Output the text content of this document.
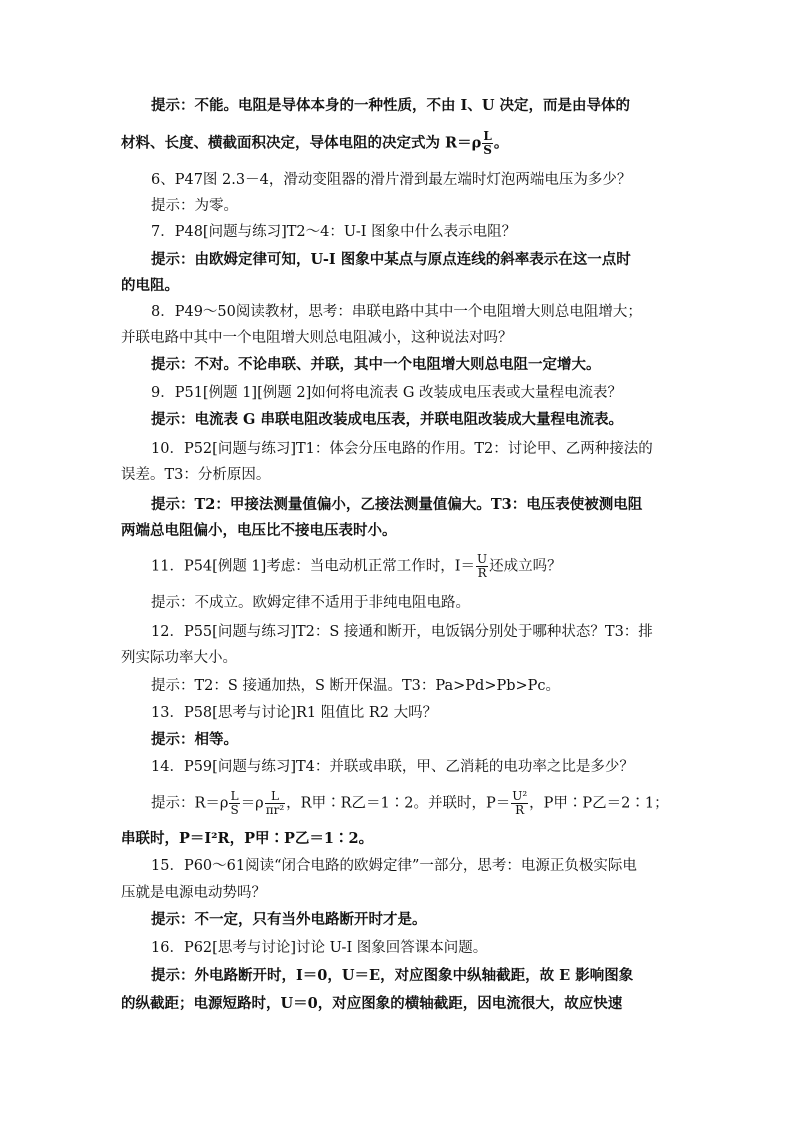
提示：不能。电阻是导体本身的一种性质，不由 I、U 决定，而是由导体的
材料、长度、横截面积决定，导体电阻的决定式为 $R=\rho \frac{L}{S}$ 。
6、P47图 2.3－4，滑动变阻器的滑片滑到最左端时灯泡两端电压为多少？
提示：为零。
7．P48[问题与练习]T2～4：U-I 图象中什么表示电阻？
提示：由欧姆定律可知，U-I 图象中某点与原点连线的斜率表示在这一点时
的电阻。
8．P49～50阅读教材，思考：串联电路中其中一个电阻增大则总电阻增大；
并联电路中其中一个电阻增大则总电阻减小，这种说法对吗？
提示：不对。不论串联、并联，其中一个电阻增大则总电阻一定增大。
9．P51[例题 1][例题 2]如何将电流表 G 改装成电压表或大量程电流表？
提示：电流表 G 串联电阻改装成电压表，并联电阻改装成大量程电流表。
10．P52[问题与练习]T1：体会分压电路的作用。T2：讨论甲、乙两种接法的
误差。T3：分析原因。
提示：T2：甲接法测量值偏小，乙接法测量值偏大。T3：电压表使被测电阻
两端总电阻偏小，电压比不接电压表时小。
11．P54[例题 1]考虑：当电动机正常工作时，$I= \frac{U}{R}$ 还成立吗？
提示：不成立。欧姆定律不适用于非纯电阻电路。
12．P55[问题与练习]T2：S 接通和断开，电饭锅分别处于哪种状态？T3：排
列实际功率大小。
提示：T2：S 接通加热，S 断开保温。T3：Pa>Pd>Pb>Pc。
13．P58[思考与讨论]R1 阻值比 R2 大吗？
提示：相等。
14．P59[问题与练习]T4：并联或串联，甲、乙消耗的电功率之比是多少？
提示：$R=\rho \frac{L}{S} =\rho \frac{L}{\text{πr²}}$ ，R甲∶R乙＝1∶2。并联时，$P= \frac{\text{U²}}{R}$ ，P甲∶P乙＝2∶1；
串联时，P＝I²R，P甲∶P乙＝1∶2。
15．P60～61阅读“闭合电路的欧姆定律”一部分，思考：电源正负极实际电
压就是电源电动势吗？
提示：不一定，只有当外电路断开时才是。
16．P62[思考与讨论]讨论 U-I 图象回答课本问题。
提示：外电路断开时，I＝0，U＝E，对应图象中纵轴截距，故 E 影响图象
的纵截距；电源短路时，U＝0，对应图象的横轴截距，因电流很大，故应快速
